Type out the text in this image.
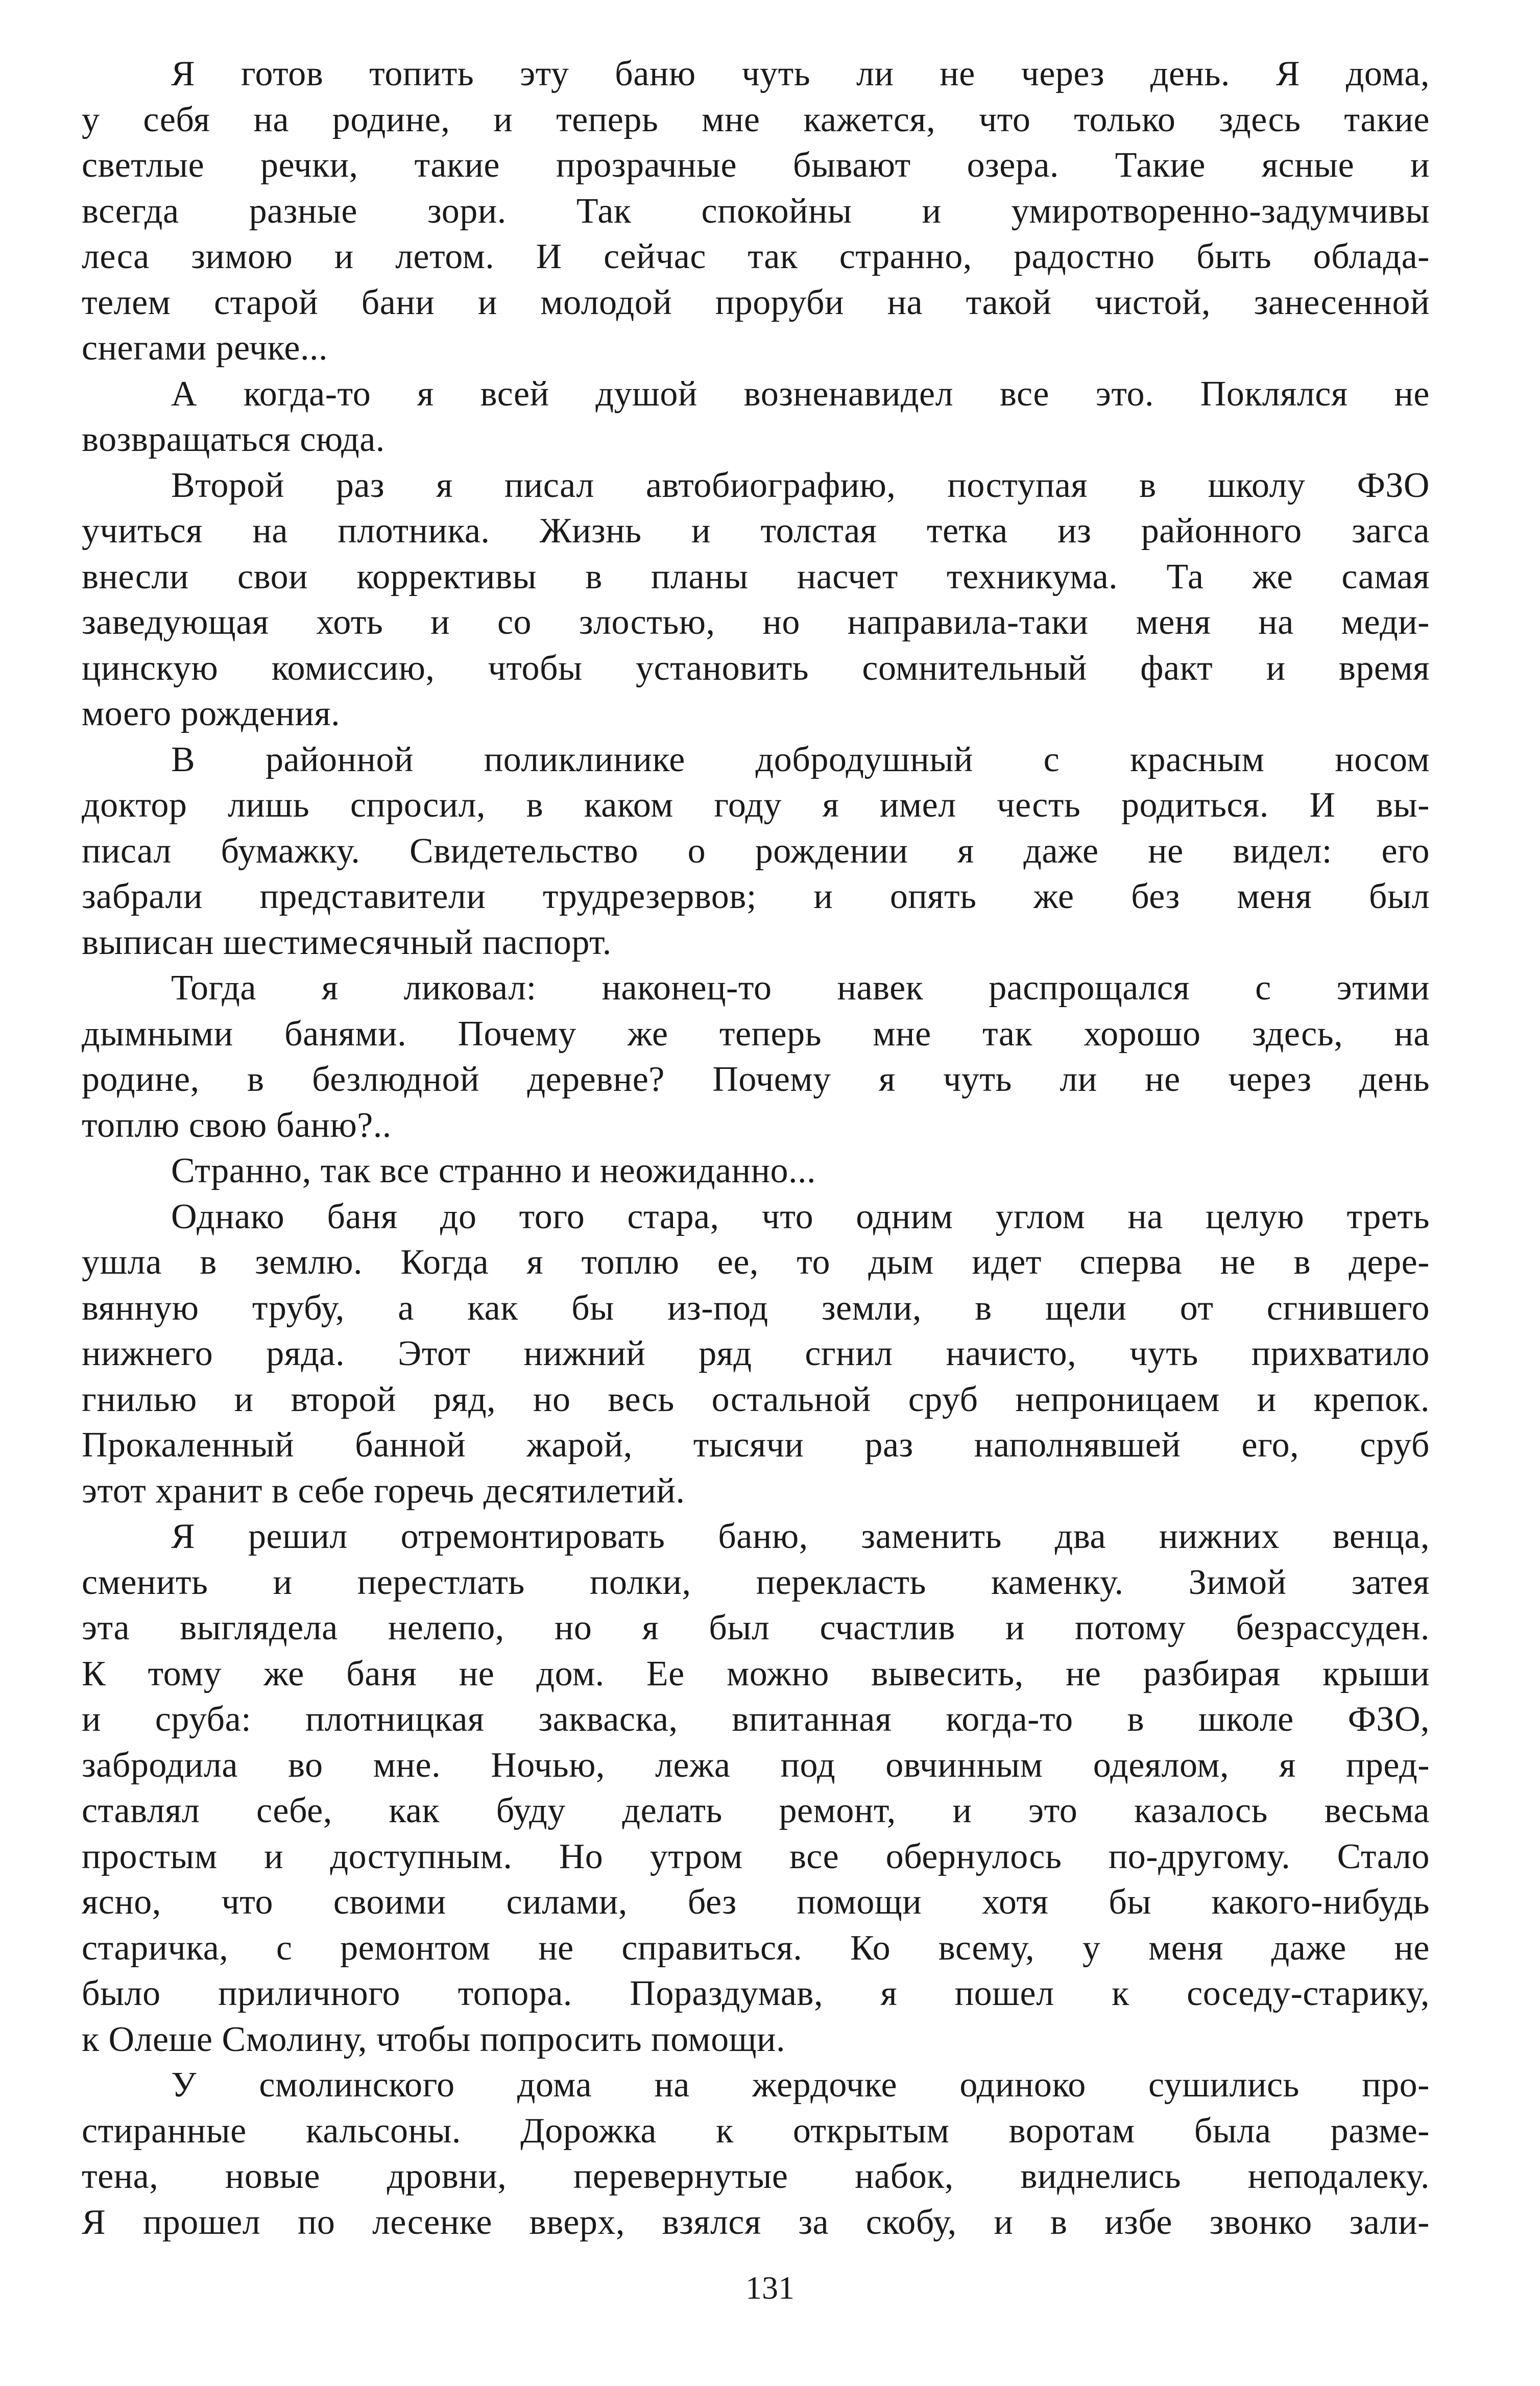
Я готов топить эту баню чуть ли не через день. Я дома,
у себя на родине, и теперь мне кажется, что только здесь такие
светлые речки, такие прозрачные бывают озера. Такие ясные и
всегда разные зори. Так спокойны и умиротворенно-задумчивы
леса зимою и летом. И сейчас так странно, радостно быть облада-
телем старой бани и молодой проруби на такой чистой, занесенной
снегами речке...
А когда-то я всей душой возненавидел все это. Поклялся не
возвращаться сюда.
Второй раз я писал автобиографию, поступая в школу ФЗО
учиться на плотника. Жизнь и толстая тетка из районного загса
внесли свои коррективы в планы насчет техникума. Та же самая
заведующая хоть и со злостью, но направила-таки меня на меди-
цинскую комиссию, чтобы установить сомнительный факт и время
моего рождения.
В районной поликлинике добродушный с красным носом
доктор лишь спросил, в каком году я имел честь родиться. И вы-
писал бумажку. Свидетельство о рождении я даже не видел: его
забрали представители трудрезервов; и опять же без меня был
выписан шестимесячный паспорт.
Тогда я ликовал: наконец-то навек распрощался с этими
дымными банями. Почему же теперь мне так хорошо здесь, на
родине, в безлюдной деревне? Почему я чуть ли не через день
топлю свою баню?..
Странно, так все странно и неожиданно...
Однако баня до того стара, что одним углом на целую треть
ушла в землю. Когда я топлю ее, то дым идет сперва не в дере-
вянную трубу, а как бы из-под земли, в щели от сгнившего
нижнего ряда. Этот нижний ряд сгнил начисто, чуть прихватило
гнилью и второй ряд, но весь остальной сруб непроницаем и крепок.
Прокаленный банной жарой, тысячи раз наполнявшей его, сруб
этот хранит в себе горечь десятилетий.
Я решил отремонтировать баню, заменить два нижних венца,
сменить и перестлать полки, перекласть каменку. Зимой затея
эта выглядела нелепо, но я был счастлив и потому безрассуден.
К тому же баня не дом. Ее можно вывесить, не разбирая крыши
и сруба: плотницкая закваска, впитанная когда-то в школе ФЗО,
забродила во мне. Ночью, лежа под овчинным одеялом, я пред-
ставлял себе, как буду делать ремонт, и это казалось весьма
простым и доступным. Но утром все обернулось по-другому. Стало
ясно, что своими силами, без помощи хотя бы какого-нибудь
старичка, с ремонтом не справиться. Ко всему, у меня даже не
было приличного топора. Пораздумав, я пошел к соседу-старику,
к Олеше Смолину, чтобы попросить помощи.
У смолинского дома на жердочке одиноко сушились про-
стиранные кальсоны. Дорожка к открытым воротам была размe-
тена, новые дровни, перевернутые набок, виднелись неподалеку.
Я прошел по лесенке вверх, взялся за скобу, и в избе звонко зали-
131
